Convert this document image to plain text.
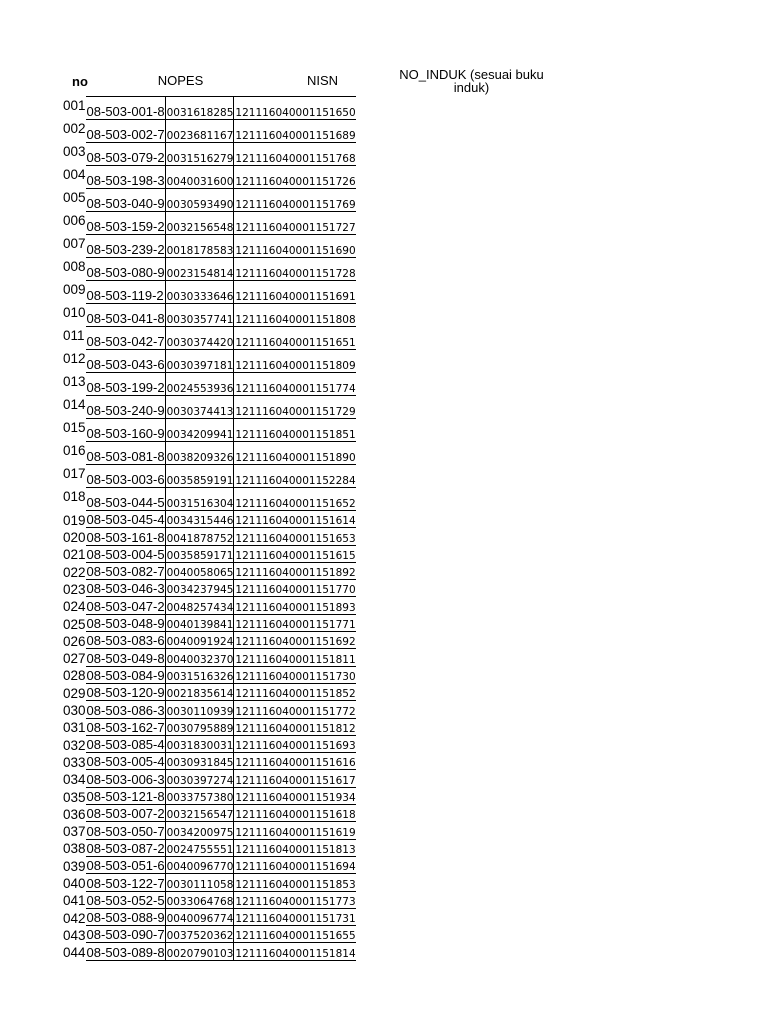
no	NOPES	NISN	NO_INDUK (sesuai buku induk)
001	08-503-001-8	0031618285	121116040001151650
002	08-503-002-7	0023681167	121116040001151689
003	08-503-079-2	0031516279	121116040001151768
004	08-503-198-3	0040031600	121116040001151726
005	08-503-040-9	0030593490	121116040001151769
006	08-503-159-2	0032156548	121116040001151727
007	08-503-239-2	0018178583	121116040001151690
008	08-503-080-9	0023154814	121116040001151728
009	08-503-119-2	0030333646	121116040001151691
010	08-503-041-8	0030357741	121116040001151808
011	08-503-042-7	0030374420	121116040001151651
012	08-503-043-6	0030397181	121116040001151809
013	08-503-199-2	0024553936	121116040001151774
014	08-503-240-9	0030374413	121116040001151729
015	08-503-160-9	0034209941	121116040001151851
016	08-503-081-8	0038209326	121116040001151890
017	08-503-003-6	0035859191	121116040001152284
018	08-503-044-5	0031516304	121116040001151652
019	08-503-045-4	0034315446	121116040001151614
020	08-503-161-8	0041878752	121116040001151653
021	08-503-004-5	0035859171	121116040001151615
022	08-503-082-7	0040058065	121116040001151892
023	08-503-046-3	0034237945	121116040001151770
024	08-503-047-2	0048257434	121116040001151893
025	08-503-048-9	0040139841	121116040001151771
026	08-503-083-6	0040091924	121116040001151692
027	08-503-049-8	0040032370	121116040001151811
028	08-503-084-9	0031516326	121116040001151730
029	08-503-120-9	0021835614	121116040001151852
030	08-503-086-3	0030110939	121116040001151772
031	08-503-162-7	0030795889	121116040001151812
032	08-503-085-4	0031830031	121116040001151693
033	08-503-005-4	0030931845	121116040001151616
034	08-503-006-3	0030397274	121116040001151617
035	08-503-121-8	0033757380	121116040001151934
036	08-503-007-2	0032156547	121116040001151618
037	08-503-050-7	0034200975	121116040001151619
038	08-503-087-2	0024755551	121116040001151813
039	08-503-051-6	0040096770	121116040001151694
040	08-503-122-7	0030111058	121116040001151853
041	08-503-052-5	0033064768	121116040001151773
042	08-503-088-9	0040096774	121116040001151731
043	08-503-090-7	0037520362	121116040001151655
044	08-503-089-8	0020790103	121116040001151814
